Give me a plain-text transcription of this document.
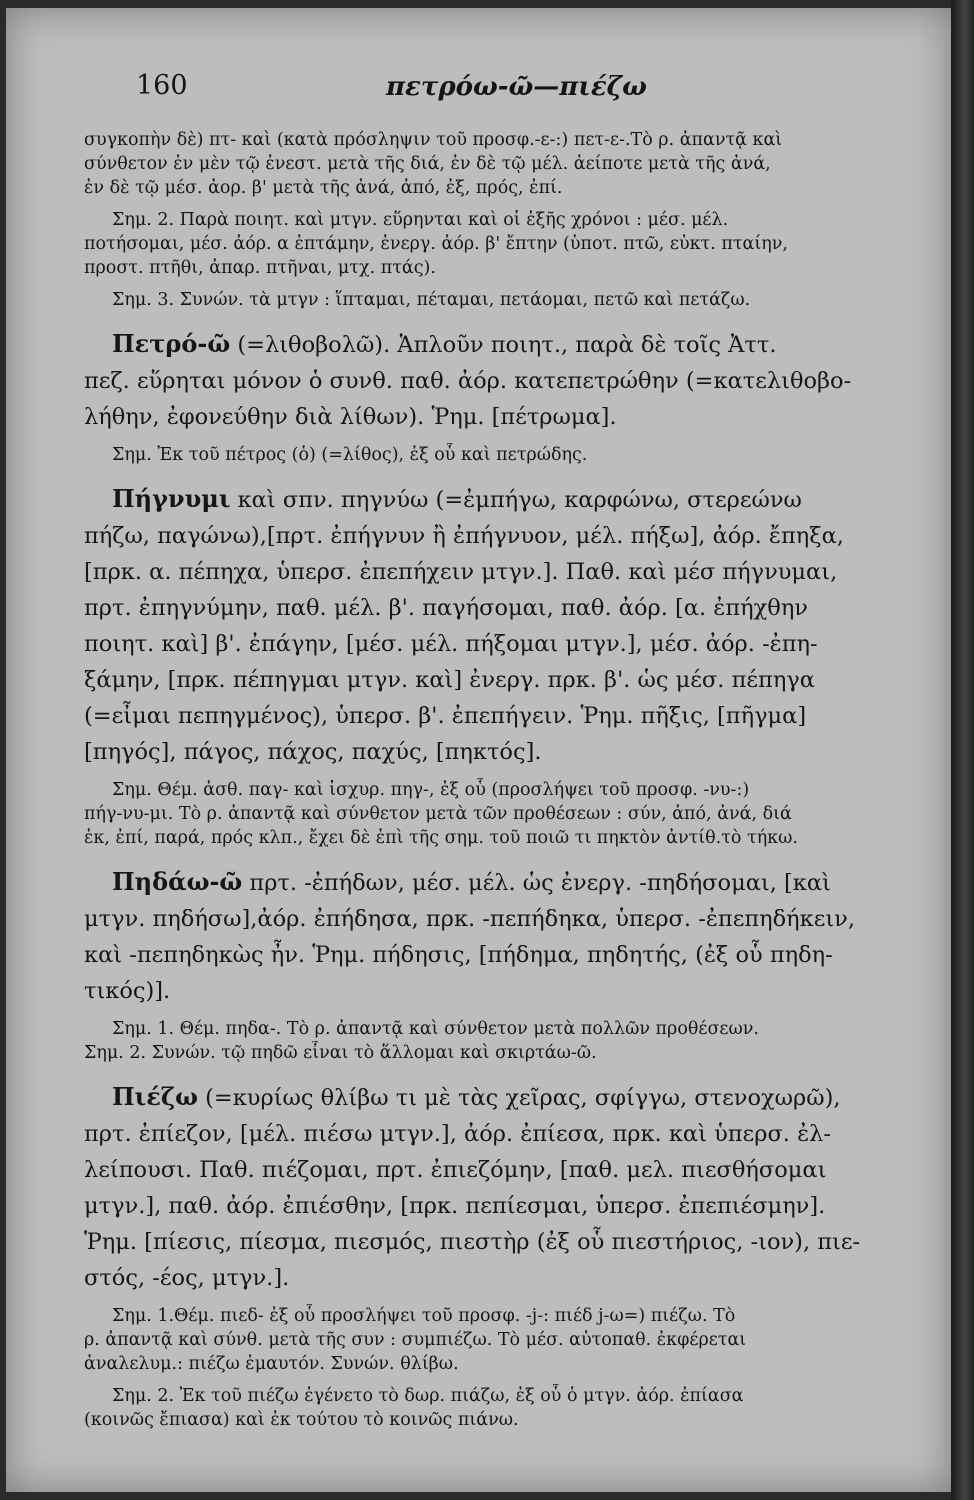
160	πετρόω-ῶ—πιέζω
συγκοπὴν δὲ) πτ- καὶ (κατὰ πρόσληψιν τοῦ προσφ.-ε-:) πετ-ε-.Τὸ ρ. ἀπαντᾷ καὶ
σύνθετον ἐν μὲν τῷ ἐνεστ. μετὰ τῆς διά, ἐν δὲ τῷ μέλ. ἀείποτε μετὰ τῆς ἀνά,
ἐν δὲ τῷ μέσ. ἀορ. β' μετὰ τῆς ἀνά, ἀπό, ἐξ, πρός, ἐπί.
Σημ. 2. Παρὰ ποιητ. καὶ μτγν. εὕρηνται καὶ οἱ ἑξῆς χρόνοι : μέσ. μέλ.
ποτήσομαι, μέσ. ἀόρ. α ἐπτάμην, ἐνεργ. ἀόρ. β' ἔπτην (ὑποτ. πτῶ, εὐκτ. πταίην,
προστ. πτῆθι, ἀπαρ. πτῆναι, μτχ. πτάς).
Σημ. 3. Συνών. τὰ μτγν : ἵπταμαι, πέταμαι, πετάομαι, πετῶ καὶ πετάζω.
Πετρό-ῶ (=λιθοβολῶ). Ἁπλοῦν ποιητ., παρὰ δὲ τοῖς Ἀττ.
πεζ. εὕρηται μόνον ὁ συνθ. παθ. ἀόρ. κατεπετρώθην (=κατελιθοβο-
λήθην, ἐφονεύθην διὰ λίθων). Ῥημ. [πέτρωμα].
Σημ. Ἐκ τοῦ πέτρος (ὁ) (=λίθος), ἐξ οὗ καὶ πετρώδης.
Πήγνυμι καὶ σπν. πηγνύω (=ἐμπήγω, καρφώνω, στερεώνω
πήζω, παγώνω),[πρτ. ἐπήγνυν ἢ ἐπήγνυον, μέλ. πήξω], ἀόρ. ἔπηξα,
[πρκ. α. πέπηχα, ὑπερσ. ἐπεπήχειν μτγν.]. Παθ. καὶ μέσ πήγνυμαι,
πρτ. ἐπηγνύμην, παθ. μέλ. β'. παγήσομαι, παθ. ἀόρ. [α. ἐπήχθην
ποιητ. καὶ] β'. ἐπάγην, [μέσ. μέλ. πήξομαι μτγν.], μέσ. ἀόρ. -ἐπη-
ξάμην, [πρκ. πέπηγμαι μτγν. καὶ] ἐνεργ. πρκ. β'. ὡς μέσ. πέπηγα
(=εἶμαι πεπηγμένος), ὑπερσ. β'. ἐπεπήγειν. Ῥημ. πῆξις, [πῆγμα]
[πηγός], πάγος, πάχος, παχύς, [πηκτός].
Σημ. Θέμ. ἀσθ. παγ- καὶ ἰσχυρ. πηγ-, ἐξ οὗ (προσλήψει τοῦ προσφ. -νυ-:)
πήγ-νυ-μι. Τὸ ρ. ἀπαντᾷ καὶ σύνθετον μετὰ τῶν προθέσεων : σύν, ἀπό, ἀνά, διά
ἐκ, ἐπί, παρά, πρός κλπ., ἔχει δὲ ἐπὶ τῆς σημ. τοῦ ποιῶ τι πηκτὸν ἀντίθ.τὸ τήκω.
Πηδάω-ῶ πρτ. -ἐπήδων, μέσ. μέλ. ὡς ἐνεργ. -πηδήσομαι, [καὶ
μτγν. πηδήσω],ἀόρ. ἐπήδησα, πρκ. -πεπήδηκα, ὑπερσ. -ἐπεπηδήκειν,
καὶ -πεπηδηκὼς ἦν. Ῥημ. πήδησις, [πήδημα, πηδητής, (ἐξ οὗ πηδη-
τικός)].
Σημ. 1. Θέμ. πηδα-. Τὸ ρ. ἀπαντᾷ καὶ σύνθετον μετὰ πολλῶν προθέσεων.
Σημ. 2. Συνών. τῷ πηδῶ εἶναι τὸ ἅλλομαι καὶ σκιρτάω-ῶ.
Πιέζω (=κυρίως θλίβω τι μὲ τὰς χεῖρας, σφίγγω, στενοχωρῶ),
πρτ. ἐπίεζον, [μέλ. πιέσω μτγν.], ἀόρ. ἐπίεσα, πρκ. καὶ ὑπερσ. ἐλ-
λείπουσι. Παθ. πιέζομαι, πρτ. ἐπιεζόμην, [παθ. μελ. πιεσθήσομαι
μτγν.], παθ. ἀόρ. ἐπιέσθην, [πρκ. πεπίεσμαι, ὑπερσ. ἐπεπιέσμην].
Ῥημ. [πίεσις, πίεσμα, πιεσμός, πιεστὴρ (ἐξ οὗ πιεστήριος, -ιον), πιε-
στός, -έος, μτγν.].
Σημ. 1.Θέμ. πιεδ- ἐξ οὗ προσλήψει τοῦ προσφ. -j-: πιέδ j-ω=) πιέζω. Τὸ
ρ. ἀπαντᾷ καὶ σύνθ. μετὰ τῆς συν : συμπιέζω. Τὸ μέσ. αὐτοπαθ. ἐκφέρεται
ἀναλελυμ.: πιέζω ἐμαυτόν. Συνών. θλίβω.
Σημ. 2. Ἐκ τοῦ πιέζω ἐγένετο τὸ δωρ. πιάζω, ἐξ οὗ ὁ μτγν. ἀόρ. ἐπίασα
(κοινῶς ἔπιασα) καὶ ἐκ τούτου τὸ κοινῶς πιάνω.
